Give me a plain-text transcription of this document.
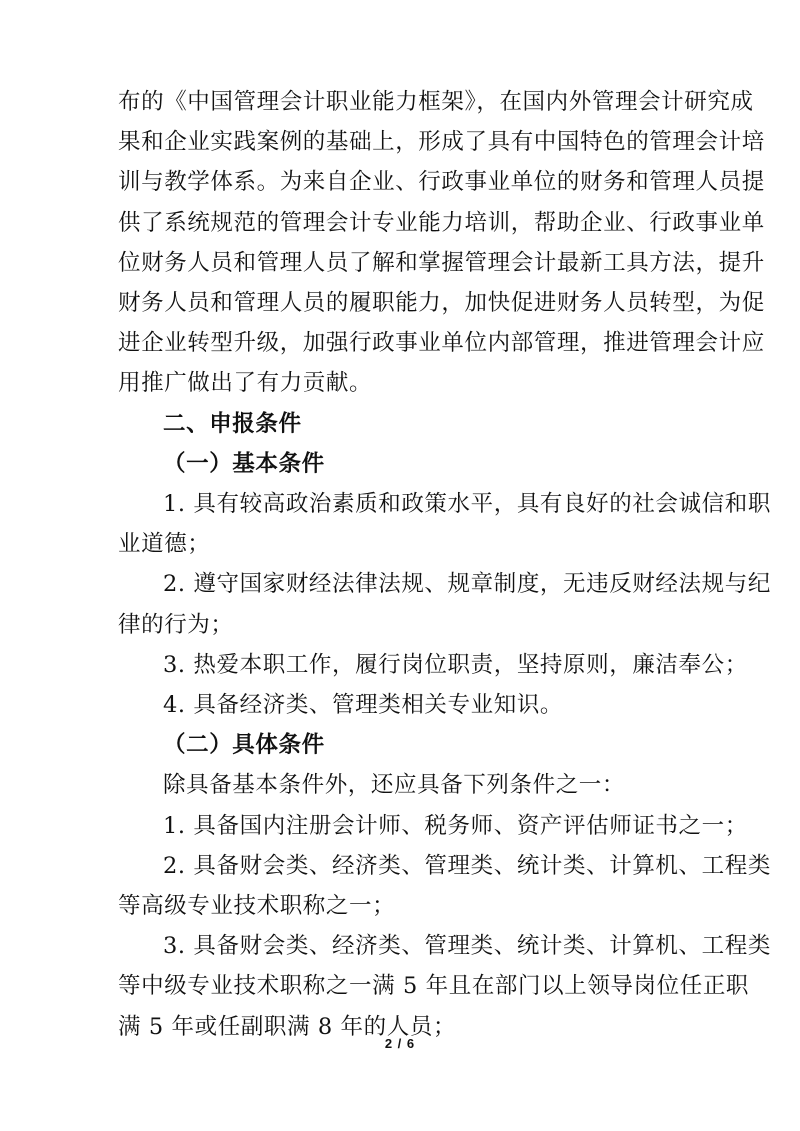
布的《中国管理会计职业能力框架》，在国内外管理会计研究成
果和企业实践案例的基础上，形成了具有中国特色的管理会计培
训与教学体系。为来自企业、行政事业单位的财务和管理人员提
供了系统规范的管理会计专业能力培训，帮助企业、行政事业单
位财务人员和管理人员了解和掌握管理会计最新工具方法，提升
财务人员和管理人员的履职能力，加快促进财务人员转型，为促
进企业转型升级，加强行政事业单位内部管理，推进管理会计应
用推广做出了有力贡献。
二、申报条件
（一）基本条件
1. 具有较高政治素质和政策水平，具有良好的社会诚信和职
业道德；
2. 遵守国家财经法律法规、规章制度，无违反财经法规与纪
律的行为；
3. 热爱本职工作，履行岗位职责，坚持原则，廉洁奉公；
4. 具备经济类、管理类相关专业知识。
（二）具体条件
除具备基本条件外，还应具备下列条件之一：
1. 具备国内注册会计师、税务师、资产评估师证书之一；
2. 具备财会类、经济类、管理类、统计类、计算机、工程类
等高级专业技术职称之一；
3. 具备财会类、经济类、管理类、统计类、计算机、工程类
等中级专业技术职称之一满 5 年且在部门以上领导岗位任正职
满 5 年或任副职满 8 年的人员；
2 / 6
